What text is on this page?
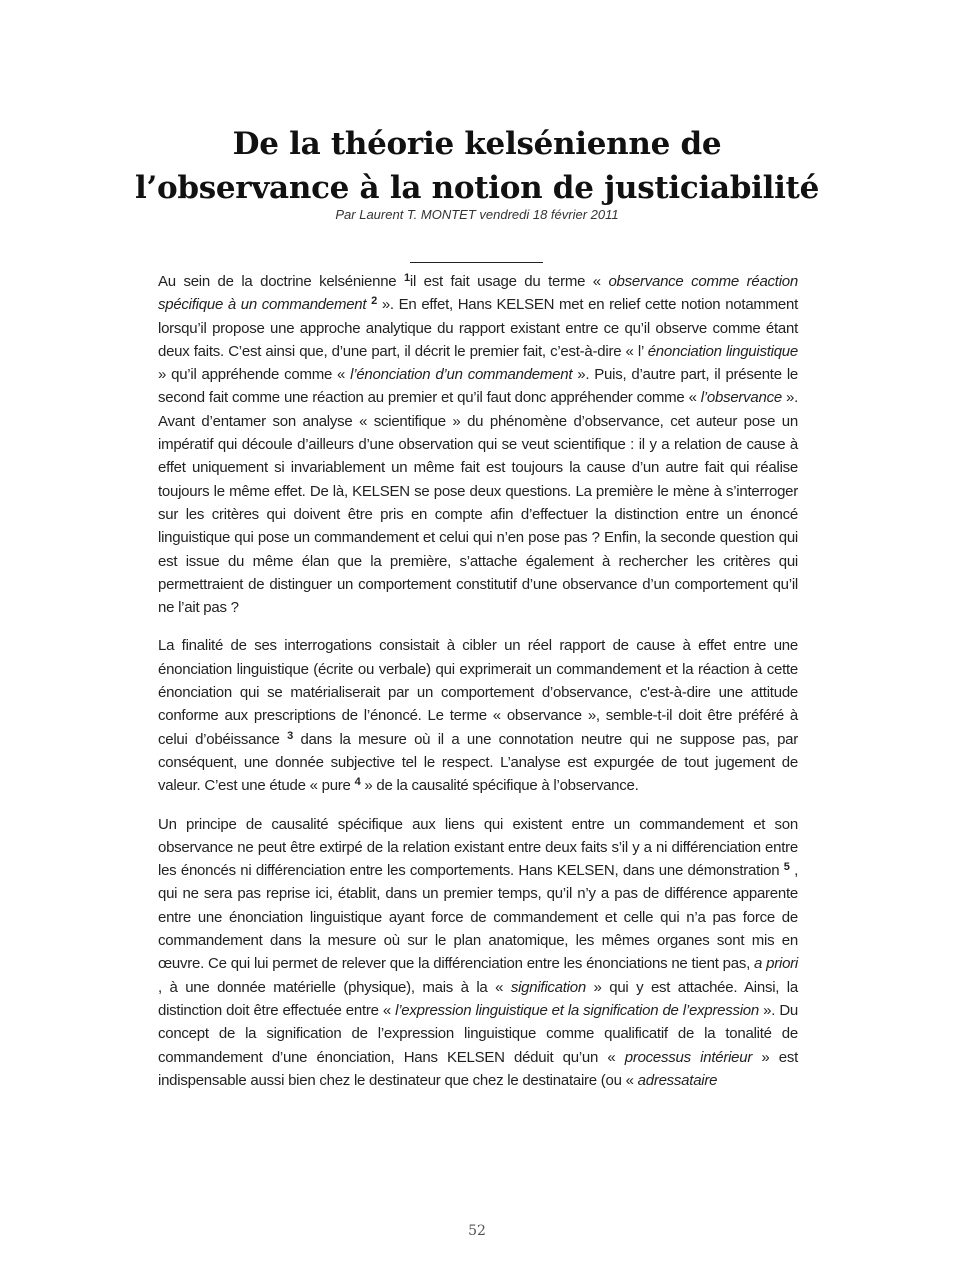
De la théorie kelsénienne de
l’observance à la notion de justiciabilité
Par Laurent T. MONTET vendredi 18 février 2011

Au sein de la doctrine kelsénienne $^1$il est fait usage du terme « observance comme réaction spécifique à un commandement $^2$ ». En effet, Hans KELSEN met en relief cette notion notamment lorsqu’il propose une approche analytique du rapport existant entre ce qu’il observe comme étant deux faits. C’est ainsi que, d’une part, il décrit le premier fait, c’est-à-dire « l’ énonciation linguistique » qu’il appréhende comme « l’énonciation d’un commandement ». Puis, d’autre part, il présente le second fait comme une réaction au premier et qu’il faut donc appréhender comme « l’observance ». Avant d’entamer son analyse « scientifique » du phénomène d’observance, cet auteur pose un impératif qui découle d’ailleurs d’une observation qui se veut scientifique : il y a relation de cause à effet uniquement si invariablement un même fait est toujours la cause d’un autre fait qui réalise toujours le même effet. De là, KELSEN se pose deux questions. La première le mène à s’interroger sur les critères qui doivent être pris en compte afin d’effectuer la distinction entre un énoncé linguistique qui pose un commandement et celui qui n’en pose pas ? Enfin, la seconde question qui est issue du même élan que la première, s’attache également à rechercher les critères qui permettraient de distinguer un comportement constitutif d’une observance d’un comportement qu’il ne l’ait pas ?

La finalité de ses interrogations consistait à cibler un réel rapport de cause à effet entre une énonciation linguistique (écrite ou verbale) qui exprimerait un commandement et la réaction à cette énonciation qui se matérialiserait par un comportement d’observance, c'est-à-dire une attitude conforme aux prescriptions de l’énoncé. Le terme « observance », semble-t-il doit être préféré à celui d’obéissance $^3$ dans la mesure où il a une connotation neutre qui ne suppose pas, par conséquent, une donnée subjective tel le respect. L’analyse est expurgée de tout jugement de valeur. C’est une étude « pure $^4$ » de la causalité spécifique à l’observance.

Un principe de causalité spécifique aux liens qui existent entre un commandement et son observance ne peut être extirpé de la relation existant entre deux faits s’il y a ni différenciation entre les énoncés ni différenciation entre les comportements. Hans KELSEN, dans une démonstration $^5$ , qui ne sera pas reprise ici, établit, dans un premier temps, qu’il n’y a pas de différence apparente entre une énonciation linguistique ayant force de commandement et celle qui n’a pas force de commandement dans la mesure où sur le plan anatomique, les mêmes organes sont mis en œuvre. Ce qui lui permet de relever que la différenciation entre les énonciations ne tient pas, a priori , à une donnée matérielle (physique), mais à la « signification » qui y est attachée. Ainsi, la distinction doit être effectuée entre « l’expression linguistique et la signification de l’expression ». Du concept de la signification de l’expression linguistique comme qualificatif de la tonalité de commandement d’une énonciation, Hans KELSEN déduit qu’un « processus intérieur » est indispensable aussi bien chez le destinateur que chez le destinataire (ou « adressataire

52
